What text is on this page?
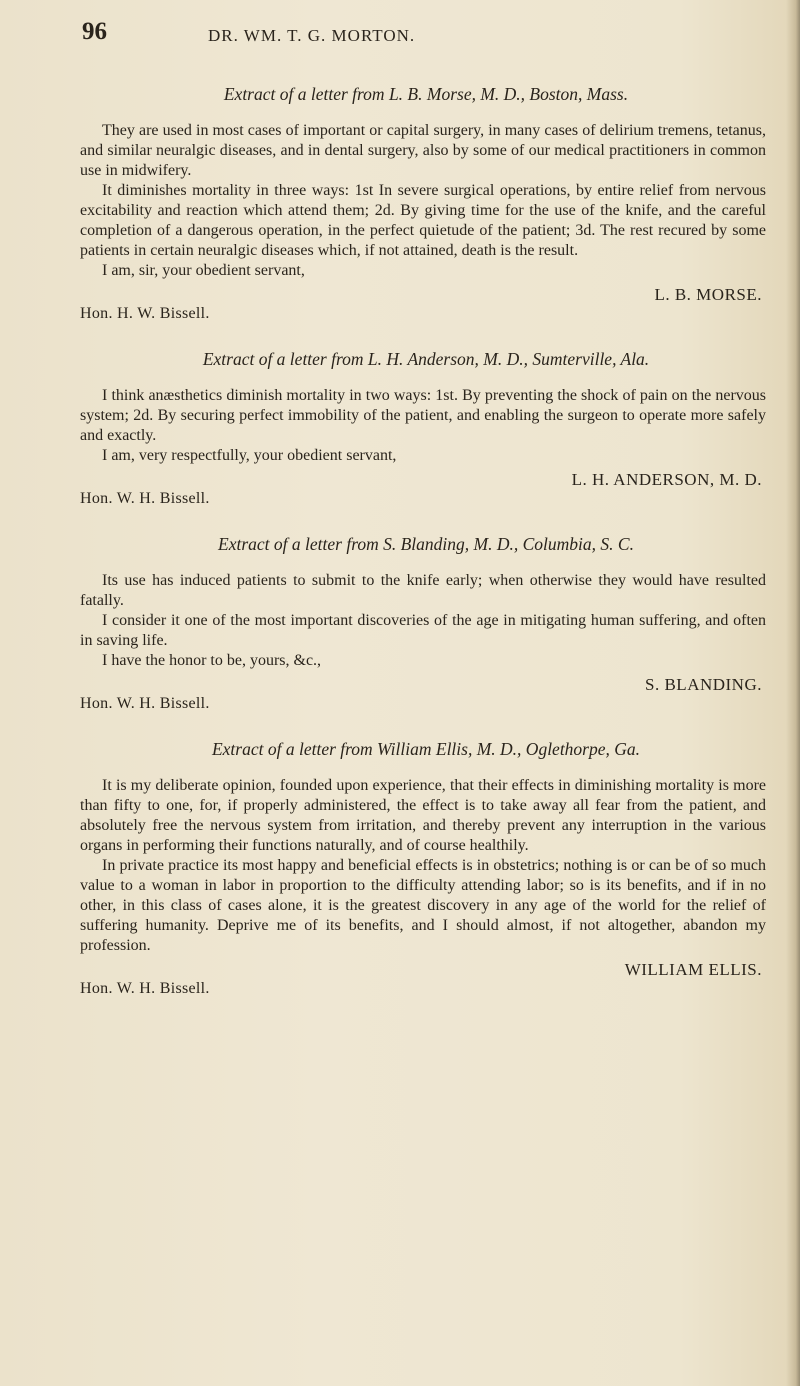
96	DR. WM. T. G. MORTON.

Extract of a letter from L. B. Morse, M. D., Boston, Mass.

They are used in most cases of important or capital surgery, in many cases of delirium tremens, tetanus, and similar neuralgic diseases, and in dental surgery, also by some of our medical practitioners in common use in midwifery.

It diminishes mortality in three ways: 1st In severe surgical operations, by entire relief from nervous excitability and reaction which attend them; 2d. By giving time for the use of the knife, and the careful completion of a dangerous operation, in the perfect quietude of the patient; 3d. The rest recured by some patients in certain neuralgic diseases which, if not attained, death is the result.

I am, sir, your obedient servant,

L. B. MORSE.

Hon. H. W. Bissell.

Extract of a letter from L. H. Anderson, M. D., Sumterville, Ala.

I think anæsthetics diminish mortality in two ways: 1st. By preventing the shock of pain on the nervous system; 2d. By securing perfect immobility of the patient, and enabling the surgeon to operate more safely and exactly.

I am, very respectfully, your obedient servant,

L. H. ANDERSON, M. D.

Hon. W. H. Bissell.

Extract of a letter from S. Blanding, M. D., Columbia, S. C.

Its use has induced patients to submit to the knife early; when otherwise they would have resulted fatally.

I consider it one of the most important discoveries of the age in mitigating human suffering, and often in saving life.

I have the honor to be, yours, &c.,

S. BLANDING.

Hon. W. H. Bissell.

Extract of a letter from William Ellis, M. D., Oglethorpe, Ga.

It is my deliberate opinion, founded upon experience, that their effects in diminishing mortality is more than fifty to one, for, if properly administered, the effect is to take away all fear from the patient, and absolutely free the nervous system from irritation, and thereby prevent any interruption in the various organs in performing their functions naturally, and of course healthily.

In private practice its most happy and beneficial effects is in obstetrics; nothing is or can be of so much value to a woman in labor in proportion to the difficulty attending labor; so is its benefits, and if in no other, in this class of cases alone, it is the greatest discovery in any age of the world for the relief of suffering humanity. Deprive me of its benefits, and I should almost, if not altogether, abandon my profession.

WILLIAM ELLIS.

Hon. W. H. Bissell.
